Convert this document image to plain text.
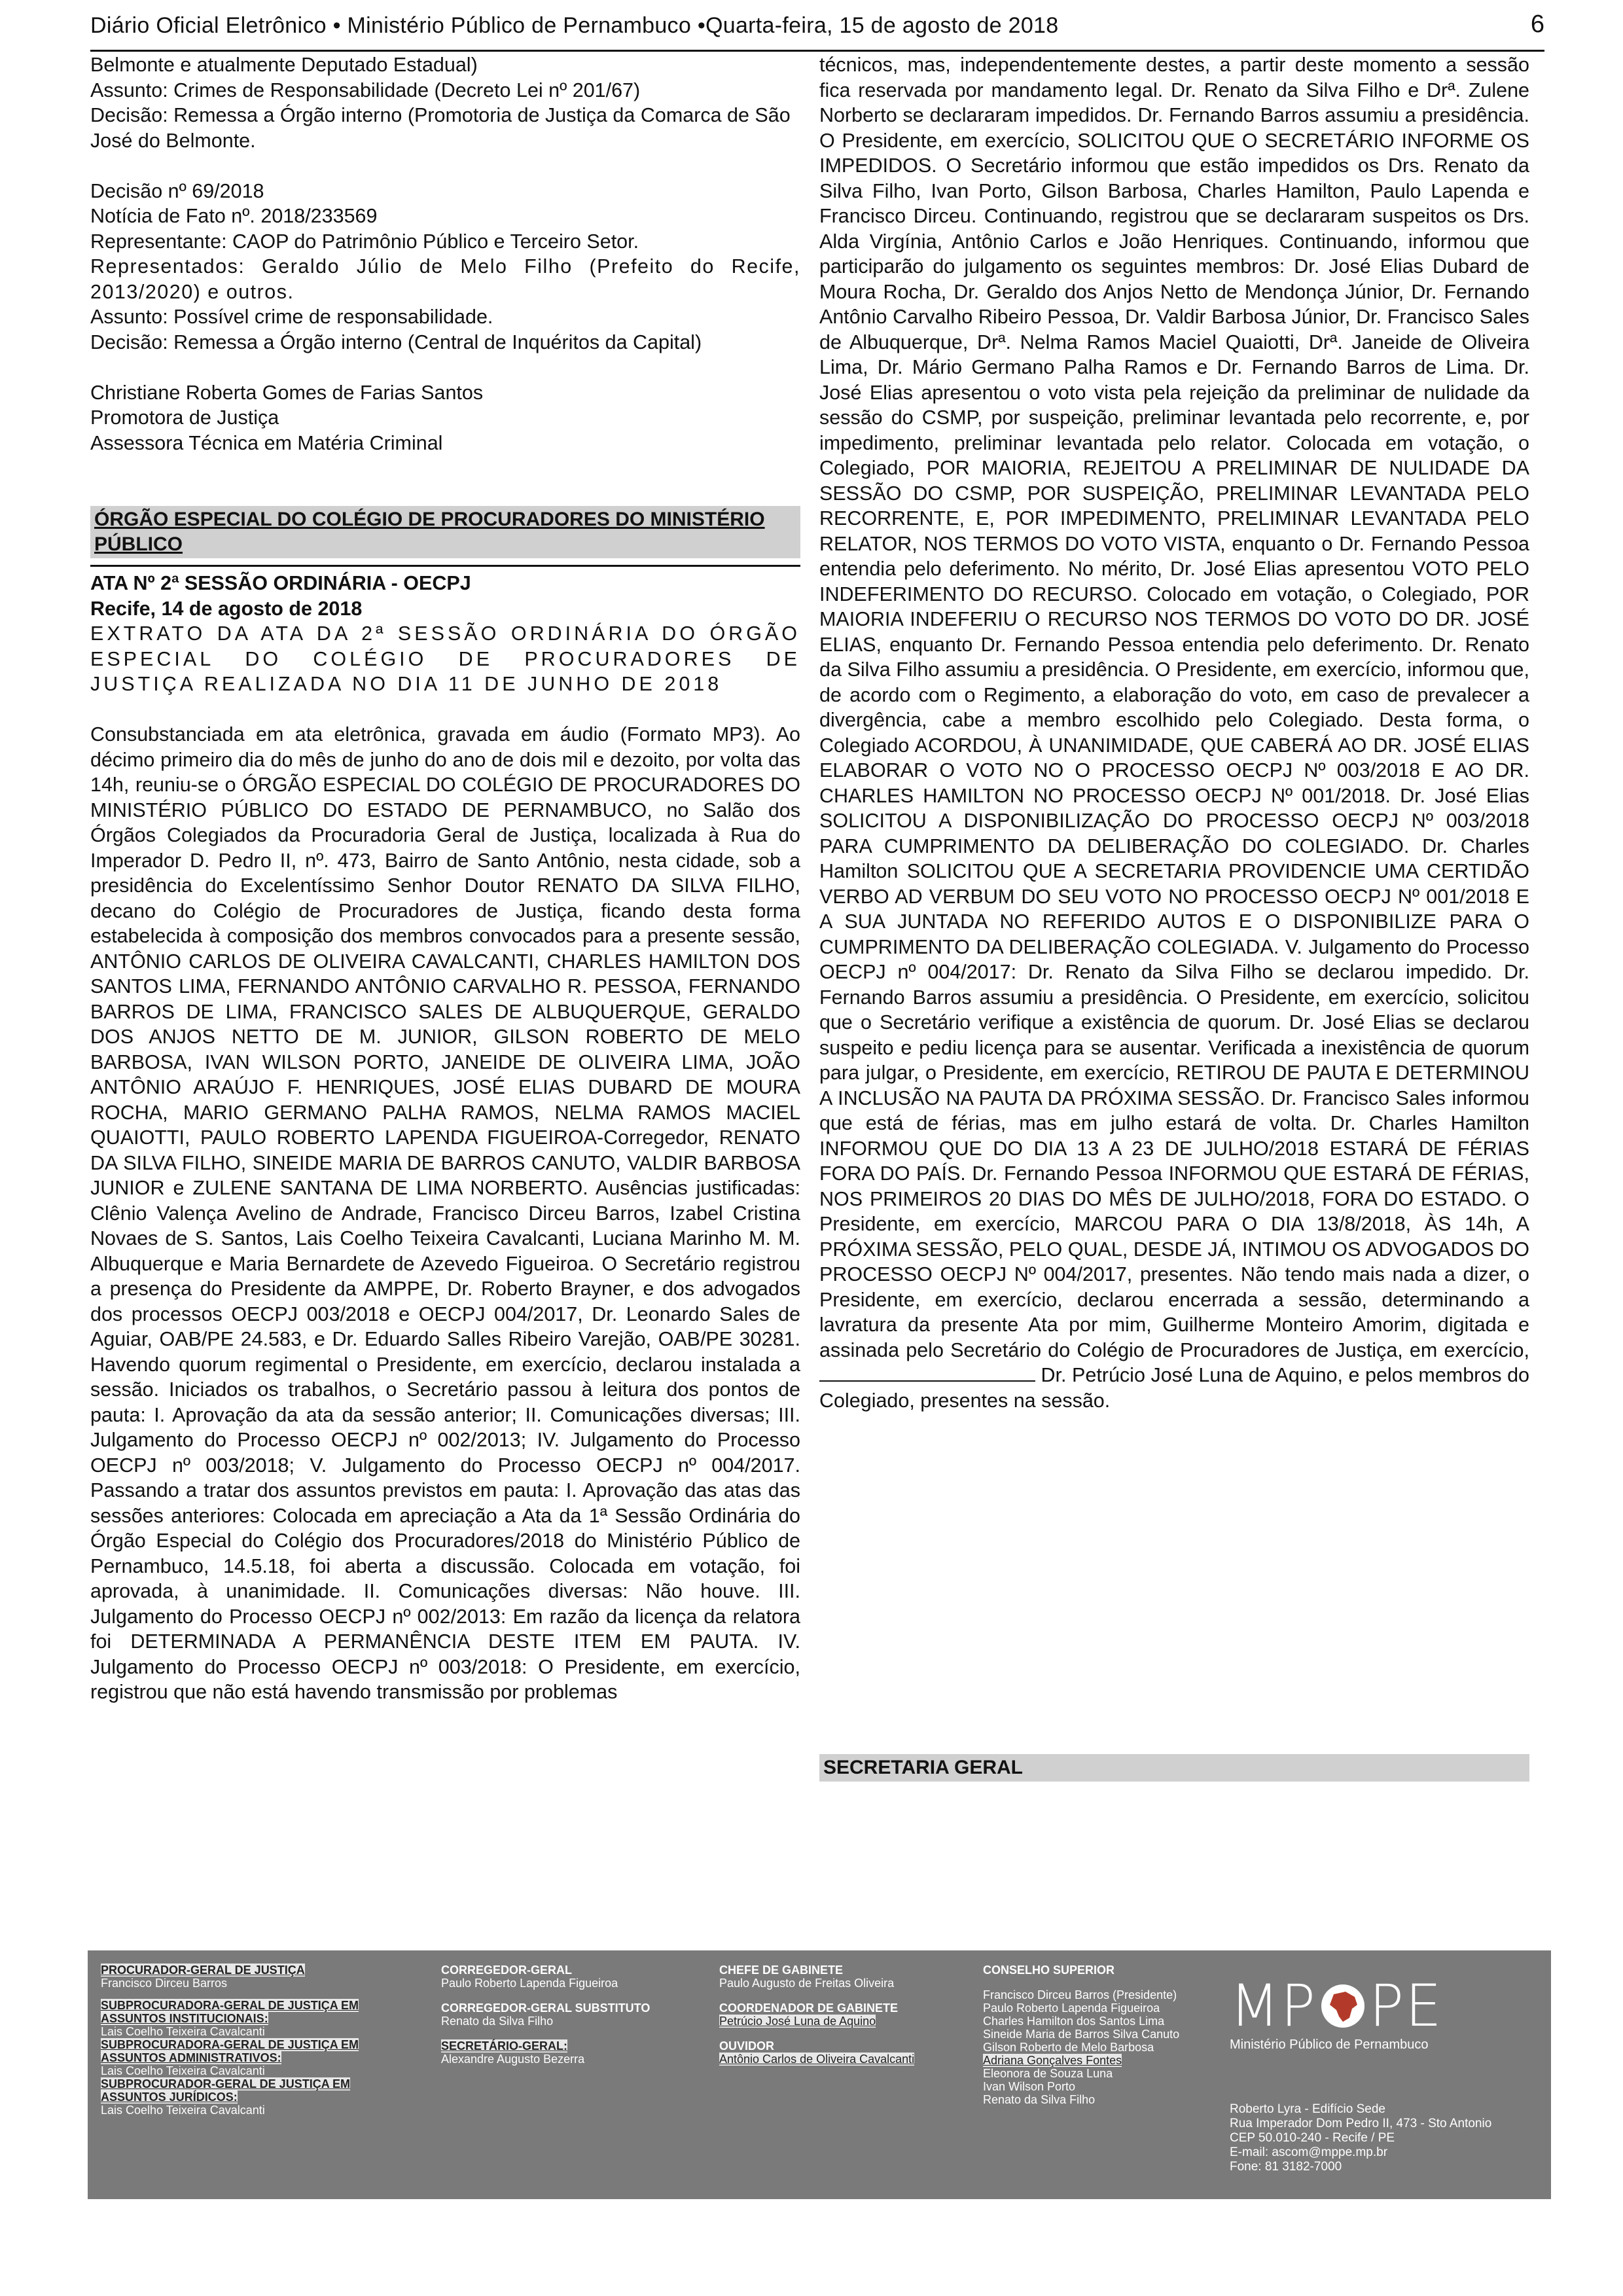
Diário Oficial Eletrônico • Ministério Público de Pernambuco •Quarta-feira, 15 de agosto de 2018	6

Belmonte e atualmente Deputado Estadual)

Assunto: Crimes de Responsabilidade (Decreto Lei nº 201/67)

Decisão: Remessa a Órgão interno (Promotoria de Justiça da Comarca de São José do Belmonte.

Decisão nº 69/2018

Notícia de Fato nº. 2018/233569

Representante: CAOP do Patrimônio Público e Terceiro Setor.

Representados: Geraldo Júlio de Melo Filho (Prefeito do Recife, 2013/2020) e outros.

Assunto: Possível crime de responsabilidade.

Decisão: Remessa a Órgão interno (Central de Inquéritos da Capital)

Christiane Roberta Gomes de Farias Santos

Promotora de Justiça

Assessora Técnica em Matéria Criminal

ÓRGÃO ESPECIAL DO COLÉGIO DE PROCURADORES DO MINISTÉRIO PÚBLICO

ATA Nº 2ª SESSÃO ORDINÁRIA - OECPJ

Recife, 14 de agosto de 2018

EXTRATO DA ATA DA 2ª SESSÃO ORDINÁRIA DO ÓRGÃO ESPECIAL DO COLÉGIO DE PROCURADORES DE JUSTIÇA REALIZADA NO DIA 11 DE JUNHO DE 2018

Consubstanciada em ata eletrônica, gravada em áudio (Formato MP3). Ao décimo primeiro dia do mês de junho do ano de dois mil e dezoito, por volta das 14h, reuniu-se o ÓRGÃO ESPECIAL DO COLÉGIO DE PROCURADORES DO MINISTÉRIO PÚBLICO DO ESTADO DE PERNAMBUCO, no Salão dos Órgãos Colegiados da Procuradoria Geral de Justiça, localizada à Rua do Imperador D. Pedro II, nº. 473, Bairro de Santo Antônio, nesta cidade, sob a presidência do Excelentíssimo Senhor Doutor RENATO DA SILVA FILHO, decano do Colégio de Procuradores de Justiça, ficando desta forma estabelecida à composição dos membros convocados para a presente sessão, ANTÔNIO CARLOS DE OLIVEIRA CAVALCANTI, CHARLES HAMILTON DOS SANTOS LIMA, FERNANDO ANTÔNIO CARVALHO R. PESSOA, FERNANDO BARROS DE LIMA, FRANCISCO SALES DE ALBUQUERQUE, GERALDO DOS ANJOS NETTO DE M. JUNIOR, GILSON ROBERTO DE MELO BARBOSA, IVAN WILSON PORTO, JANEIDE DE OLIVEIRA LIMA, JOÃO ANTÔNIO ARAÚJO F. HENRIQUES, JOSÉ ELIAS DUBARD DE MOURA ROCHA, MARIO GERMANO PALHA RAMOS, NELMA RAMOS MACIEL QUAIOTTI, PAULO ROBERTO LAPENDA FIGUEIROA-Corregedor, RENATO DA SILVA FILHO, SINEIDE MARIA DE BARROS CANUTO, VALDIR BARBOSA JUNIOR e ZULENE SANTANA DE LIMA NORBERTO. Ausências justificadas: Clênio Valença Avelino de Andrade, Francisco Dirceu Barros, Izabel Cristina Novaes de S. Santos, Lais Coelho Teixeira Cavalcanti, Luciana Marinho M. M. Albuquerque e Maria Bernardete de Azevedo Figueiroa. O Secretário registrou a presença do Presidente da AMPPE, Dr. Roberto Brayner, e dos advogados dos processos OECPJ 003/2018 e OECPJ 004/2017, Dr. Leonardo Sales de Aguiar, OAB/PE 24.583, e Dr. Eduardo Salles Ribeiro Varejão, OAB/PE 30281. Havendo quorum regimental o Presidente, em exercício, declarou instalada a sessão. Iniciados os trabalhos, o Secretário passou à leitura dos pontos de pauta: I. Aprovação da ata da sessão anterior; II. Comunicações diversas; III. Julgamento do Processo OECPJ nº 002/2013; IV. Julgamento do Processo OECPJ nº 003/2018; V. Julgamento do Processo OECPJ nº 004/2017. Passando a tratar dos assuntos previstos em pauta: I. Aprovação das atas das sessões anteriores: Colocada em apreciação a Ata da 1ª Sessão Ordinária do Órgão Especial do Colégio dos Procuradores/2018 do Ministério Público de Pernambuco, 14.5.18, foi aberta a discussão. Colocada em votação, foi aprovada, à unanimidade. II. Comunicações diversas: Não houve. III. Julgamento do Processo OECPJ nº 002/2013: Em razão da licença da relatora foi DETERMINADA A PERMANÊNCIA DESTE ITEM EM PAUTA. IV. Julgamento do Processo OECPJ nº 003/2018: O Presidente, em exercício, registrou que não está havendo transmissão por problemas

técnicos, mas, independentemente destes, a partir deste momento a sessão fica reservada por mandamento legal. Dr. Renato da Silva Filho e Drª. Zulene Norberto se declararam impedidos. Dr. Fernando Barros assumiu a presidência. O Presidente, em exercício, SOLICITOU QUE O SECRETÁRIO INFORME OS IMPEDIDOS. O Secretário informou que estão impedidos os Drs. Renato da Silva Filho, Ivan Porto, Gilson Barbosa, Charles Hamilton, Paulo Lapenda e Francisco Dirceu. Continuando, registrou que se declararam suspeitos os Drs. Alda Virgínia, Antônio Carlos e João Henriques. Continuando, informou que participarão do julgamento os seguintes membros: Dr. José Elias Dubard de Moura Rocha, Dr. Geraldo dos Anjos Netto de Mendonça Júnior, Dr. Fernando Antônio Carvalho Ribeiro Pessoa, Dr. Valdir Barbosa Júnior, Dr. Francisco Sales de Albuquerque, Drª. Nelma Ramos Maciel Quaiotti, Drª. Janeide de Oliveira Lima, Dr. Mário Germano Palha Ramos e Dr. Fernando Barros de Lima. Dr. José Elias apresentou o voto vista pela rejeição da preliminar de nulidade da sessão do CSMP, por suspeição, preliminar levantada pelo recorrente, e, por impedimento, preliminar levantada pelo relator. Colocada em votação, o Colegiado, POR MAIORIA, REJEITOU A PRELIMINAR DE NULIDADE DA SESSÃO DO CSMP, POR SUSPEIÇÃO, PRELIMINAR LEVANTADA PELO RECORRENTE, E, POR IMPEDIMENTO, PRELIMINAR LEVANTADA PELO RELATOR, NOS TERMOS DO VOTO VISTA, enquanto o Dr. Fernando Pessoa entendia pelo deferimento. No mérito, Dr. José Elias apresentou VOTO PELO INDEFERIMENTO DO RECURSO. Colocado em votação, o Colegiado, POR MAIORIA INDEFERIU O RECURSO NOS TERMOS DO VOTO DO DR. JOSÉ ELIAS, enquanto Dr. Fernando Pessoa entendia pelo deferimento. Dr. Renato da Silva Filho assumiu a presidência. O Presidente, em exercício, informou que, de acordo com o Regimento, a elaboração do voto, em caso de prevalecer a divergência, cabe a membro escolhido pelo Colegiado. Desta forma, o Colegiado ACORDOU, À UNANIMIDADE, QUE CABERÁ AO DR. JOSÉ ELIAS ELABORAR O VOTO NO O PROCESSO OECPJ Nº 003/2018 E AO DR. CHARLES HAMILTON NO PROCESSO OECPJ Nº 001/2018. Dr. José Elias SOLICITOU A DISPONIBILIZAÇÃO DO PROCESSO OECPJ Nº 003/2018 PARA CUMPRIMENTO DA DELIBERAÇÃO DO COLEGIADO. Dr. Charles Hamilton SOLICITOU QUE A SECRETARIA PROVIDENCIE UMA CERTIDÃO VERBO AD VERBUM DO SEU VOTO NO PROCESSO OECPJ Nº 001/2018 E A SUA JUNTADA NO REFERIDO AUTOS E O DISPONIBILIZE PARA O CUMPRIMENTO DA DELIBERAÇÃO COLEGIADA. V. Julgamento do Processo OECPJ nº 004/2017: Dr. Renato da Silva Filho se declarou impedido. Dr. Fernando Barros assumiu a presidência. O Presidente, em exercício, solicitou que o Secretário verifique a existência de quorum. Dr. José Elias se declarou suspeito e pediu licença para se ausentar. Verificada a inexistência de quorum para julgar, o Presidente, em exercício, RETIROU DE PAUTA E DETERMINOU A INCLUSÃO NA PAUTA DA PRÓXIMA SESSÃO. Dr. Francisco Sales informou que está de férias, mas em julho estará de volta. Dr. Charles Hamilton INFORMOU QUE DO DIA 13 A 23 DE JULHO/2018 ESTARÁ DE FÉRIAS FORA DO PAÍS. Dr. Fernando Pessoa INFORMOU QUE ESTARÁ DE FÉRIAS, NOS PRIMEIROS 20 DIAS DO MÊS DE JULHO/2018, FORA DO ESTADO. O Presidente, em exercício, MARCOU PARA O DIA 13/8/2018, ÀS 14h, A PRÓXIMA SESSÃO, PELO QUAL, DESDE JÁ, INTIMOU OS ADVOGADOS DO PROCESSO OECPJ Nº 004/2017, presentes. Não tendo mais nada a dizer, o Presidente, em exercício, declarou encerrada a sessão, determinando a lavratura da presente Ata por mim, Guilherme Monteiro Amorim, digitada e assinada pelo Secretário do Colégio de Procuradores de Justiça, em exercício,  Dr. Petrúcio José Luna de Aquino, e pelos membros do Colegiado, presentes na sessão.

SECRETARIA GERAL
PROCURADOR-GERAL DE JUSTIÇA
Francisco Dirceu Barros
SUBPROCURADORA-GERAL DE JUSTIÇA EM ASSUNTOS INSTITUCIONAIS:
Lais Coelho Teixeira Cavalcanti
SUBPROCURADORA-GERAL DE JUSTIÇA EM ASSUNTOS ADMINISTRATIVOS:
Lais Coelho Teixeira Cavalcanti
SUBPROCURADOR-GERAL DE JUSTIÇA EM ASSUNTOS JURÍDICOS:
Lais Coelho Teixeira Cavalcanti
CORREGEDOR-GERAL
Paulo Roberto Lapenda Figueiroa
CORREGEDOR-GERAL SUBSTITUTO
Renato da Silva Filho
SECRETÁRIO-GERAL:
Alexandre Augusto Bezerra
CHEFE DE GABINETE
Paulo Augusto de Freitas Oliveira
COORDENADOR DE GABINETE
Petrúcio José Luna de Aquino
OUVIDOR
Antônio Carlos de Oliveira Cavalcanti
CONSELHO SUPERIOR
Francisco Dirceu Barros (Presidente)
Paulo Roberto Lapenda Figueiroa
Charles Hamilton dos Santos Lima
Sineide Maria de Barros Silva Canuto
Gilson Roberto de Melo Barbosa
Adriana Gonçalves Fontes
Eleonora de Souza Luna
Ivan Wilson Porto
Renato da Silva Filho
MP PE
Ministério Público de Pernambuco
Roberto Lyra - Edifício Sede
Rua Imperador Dom Pedro II, 473 - Sto Antonio
CEP 50.010-240 - Recife / PE
E-mail: ascom@mppe.mp.br
Fone: 81 3182-7000
